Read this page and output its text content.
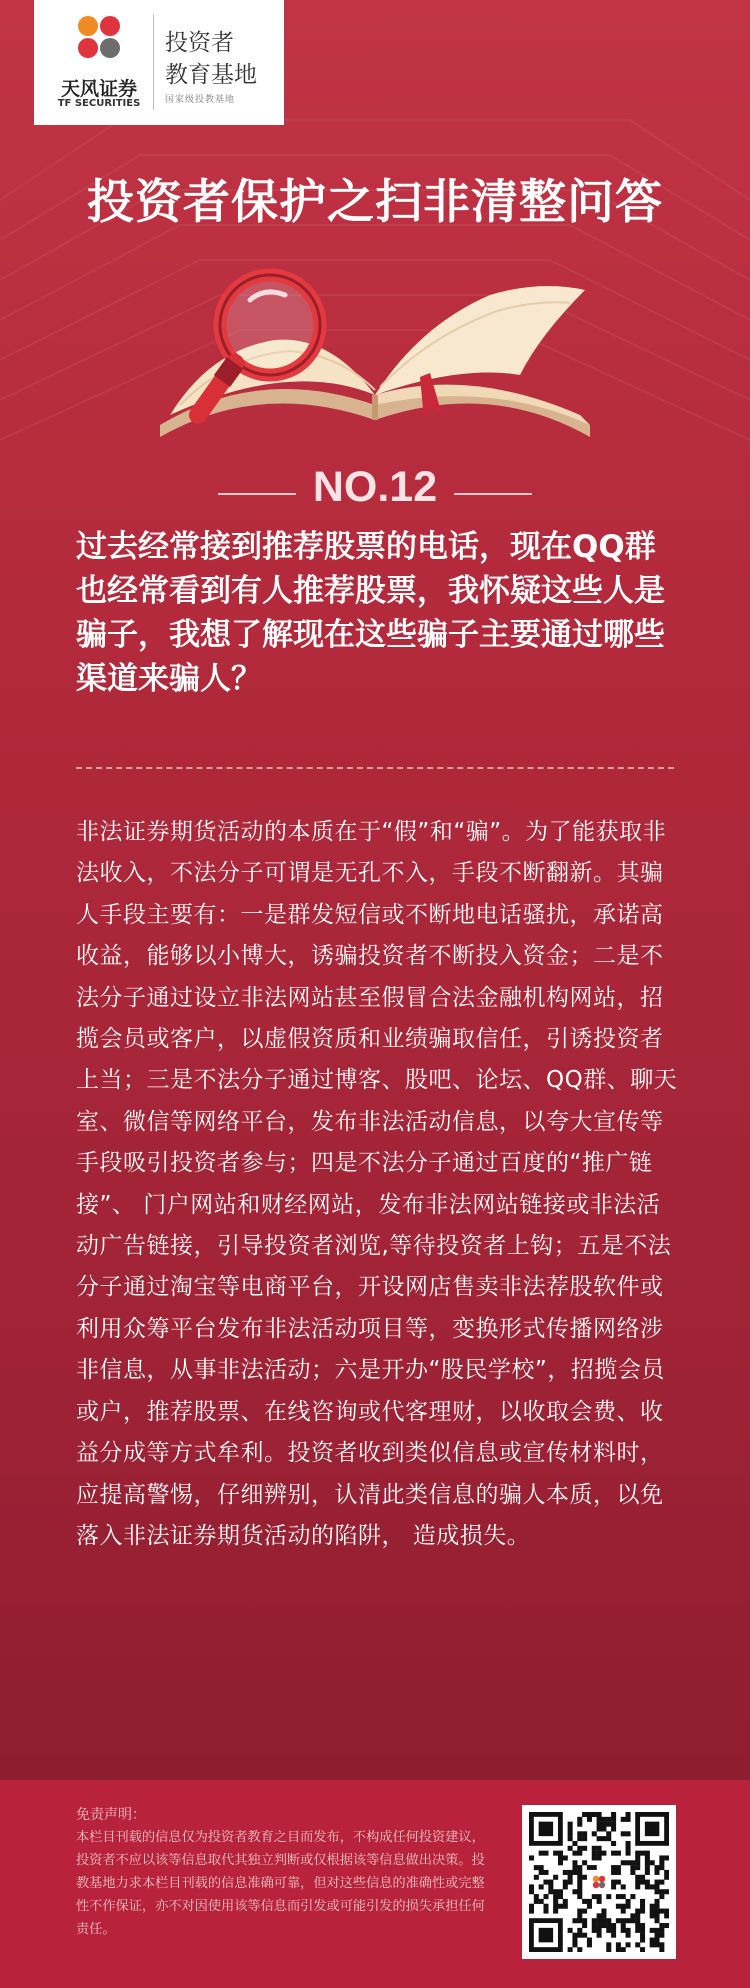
天风证券
TF SECURITIES
投资者
教育基地
国家级投教基地
投资者保护之扫非清整问答
NO.12
过去经常接到推荐股票的电话，现在QQ群也经常看到有人推荐股票，我怀疑这些人是骗子，我想了解现在这些骗子主要通过哪些渠道来骗人？
非法证券期货活动的本质在于“假”和“骗”。为了能获取非法收入，不法分子可谓是无孔不入，手段不断翻新。其骗人手段主要有：一是群发短信或不断地电话骚扰，承诺高收益，能够以小博大，诱骗投资者不断投入资金；二是不法分子通过设立非法网站甚至假冒合法金融机构网站，招揽会员或客户，以虚假资质和业绩骗取信任，引诱投资者上当；三是不法分子通过博客、股吧、论坛、QQ群、聊天室、微信等网络平台，发布非法活动信息，以夸大宣传等手段吸引投资者参与；四是不法分子通过百度的“推广链接”、 门户网站和财经网站，发布非法网站链接或非法活动广告链接，引导投资者浏览,等待投资者上钩；五是不法分子通过淘宝等电商平台，开设网店售卖非法荐股软件或利用众筹平台发布非法活动项目等，变换形式传播网络涉非信息，从事非法活动；六是开办“股民学校”，招揽会员或户，推荐股票、在线咨询或代客理财，以收取会费、收益分成等方式牟利。投资者收到类似信息或宣传材料时，应提高警惕，仔细辨别，认清此类信息的骗人本质，以免落入非法证券期货活动的陷阱， 造成损失。
免责声明：
本栏目刊载的信息仅为投资者教育之目而发布，不构成任何投资建议，投资者不应以该等信息取代其独立判断或仅根据该等信息做出决策。投教基地力求本栏目刊载的信息准确可靠，但对这些信息的准确性或完整性不作保证，亦不对因使用该等信息而引发或可能引发的损失承担任何责任。
